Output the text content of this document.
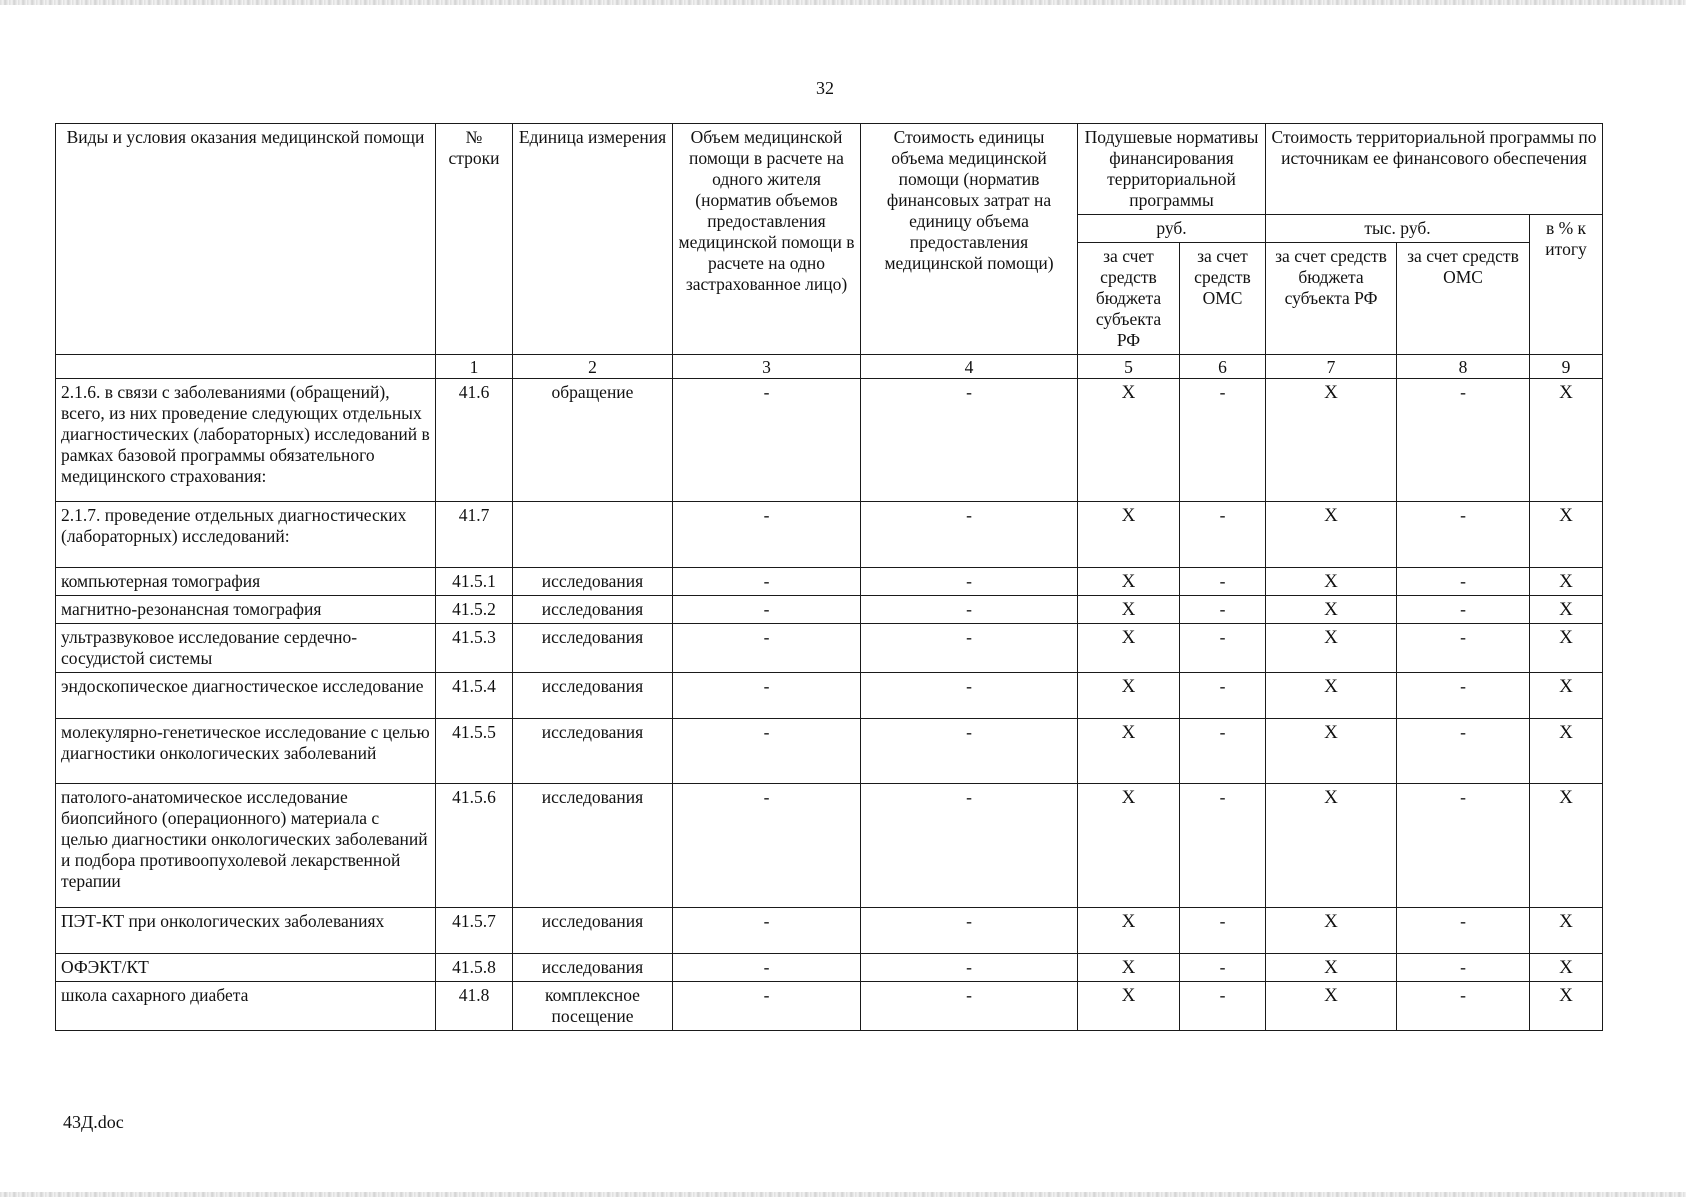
32
Виды и условия оказания медицинской помощи	№ строки	Единица измерения	Объем медицинской помощи в расчете на одного жителя (норматив объемов предоставления медицинской помощи в расчете на одно застрахованное лицо)	Стоимость единицы объема медицинской помощи (норматив финансовых затрат на единицу объема предоставления медицинской помощи)	Подушевые нормативы финансирования территориальной программы		Стоимость территориальной программы по источникам ее финансового обеспечения		
					руб.		тыс. руб.		в % к итогу
					за счет средств бюджета субъекта РФ	за счет средств ОМС	за счет средств бюджета субъекта РФ	за счет средств ОМС	
	1	2	3	4	5	6	7	8	9
2.1.6. в связи с заболеваниями (обращений), всего, из них проведение следующих отдельных диагностических (лабораторных) исследований в рамках базовой программы обязательного медицинского страхования:	41.6	обращение	-	-	Х	-	Х	-	Х
2.1.7. проведение отдельных диагностических (лабораторных) исследований:	41.7		-	-	Х	-	Х	-	Х
компьютерная томография	41.5.1	исследования	-	-	Х	-	Х	-	Х
магнитно-резонансная томография	41.5.2	исследования	-	-	Х	-	Х	-	Х
ультразвуковое исследование сердечно-сосудистой системы	41.5.3	исследования	-	-	Х	-	Х	-	Х
эндоскопическое диагностическое исследование	41.5.4	исследования	-	-	Х	-	Х	-	Х
молекулярно-генетическое исследование с целью диагностики онкологических заболеваний	41.5.5	исследования	-	-	Х	-	Х	-	Х
патолого-анатомическое исследование биопсийного (операционного) материала с целью диагностики онкологических заболеваний и подбора противоопухолевой лекарственной терапии	41.5.6	исследования	-	-	Х	-	Х	-	Х
ПЭТ-КТ при онкологических заболеваниях	41.5.7	исследования	-	-	Х	-	Х	-	Х
ОФЭКТ/КТ	41.5.8	исследования	-	-	Х	-	Х	-	Х
школа сахарного диабета	41.8	комплексное посещение	-	-	Х	-	Х	-	Х
43Д.doc
